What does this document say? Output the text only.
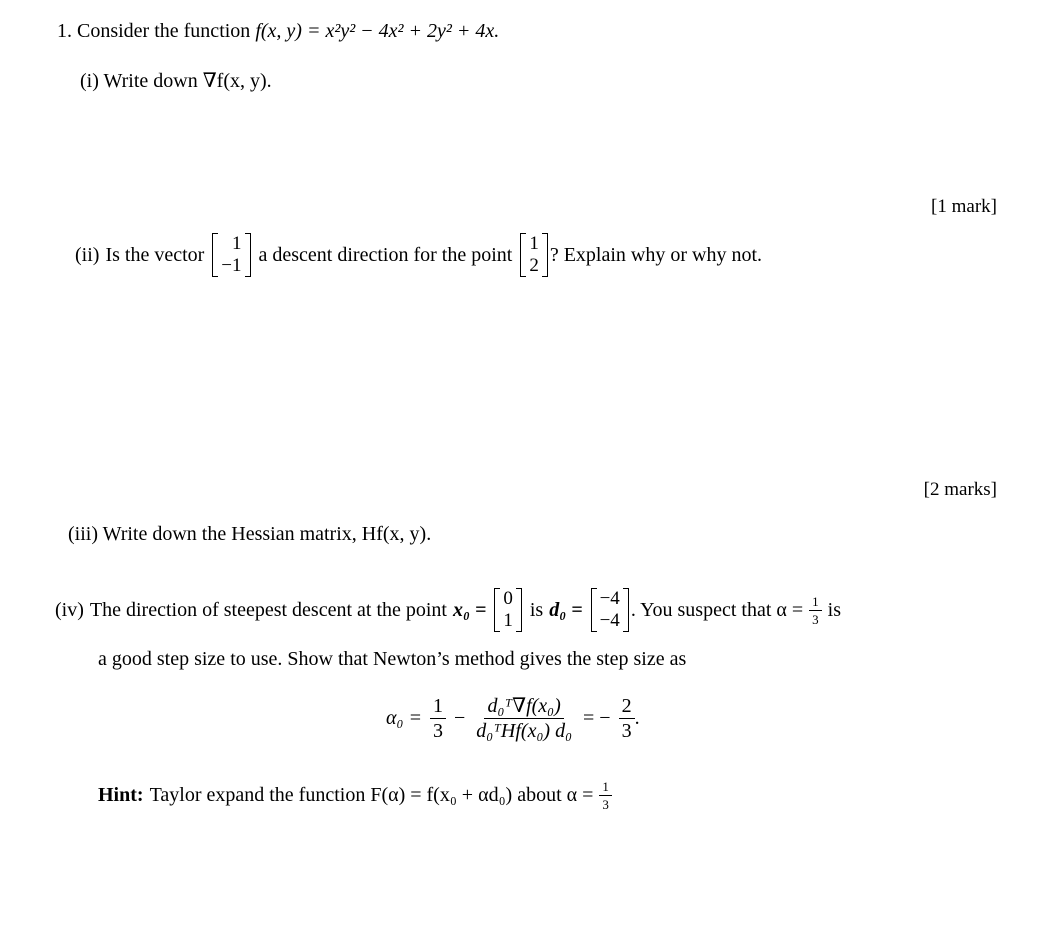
1. Consider the function f(x, y) = x²y² − 4x² + 2y² + 4x.
(i) Write down ∇f(x, y).
[1 mark]
(ii) Is the vector 1
−1 a descent direction for the point 1
2 ? Explain why or why not.
[2 marks]
(iii) Write down the Hessian matrix, Hf(x, y).
(iv) The direction of steepest descent at the point x₀ = 0
1 is d₀ = −4
−4 . You suspect that $\alpha = \frac{1}{3}$ is
a good step size to use. Show that Newton’s method gives the step size as
$\alpha_0 = \frac{1}{3} - \frac{\text{d₀ᵀ∇f(x₀)}}{\text{d₀ᵀHf(x₀) d₀}}$ = − $\frac{2}{3}$ .
Hint: Taylor expand the function F(α) = f(x₀ + αd₀) about $\alpha = \frac{1}{3}$
